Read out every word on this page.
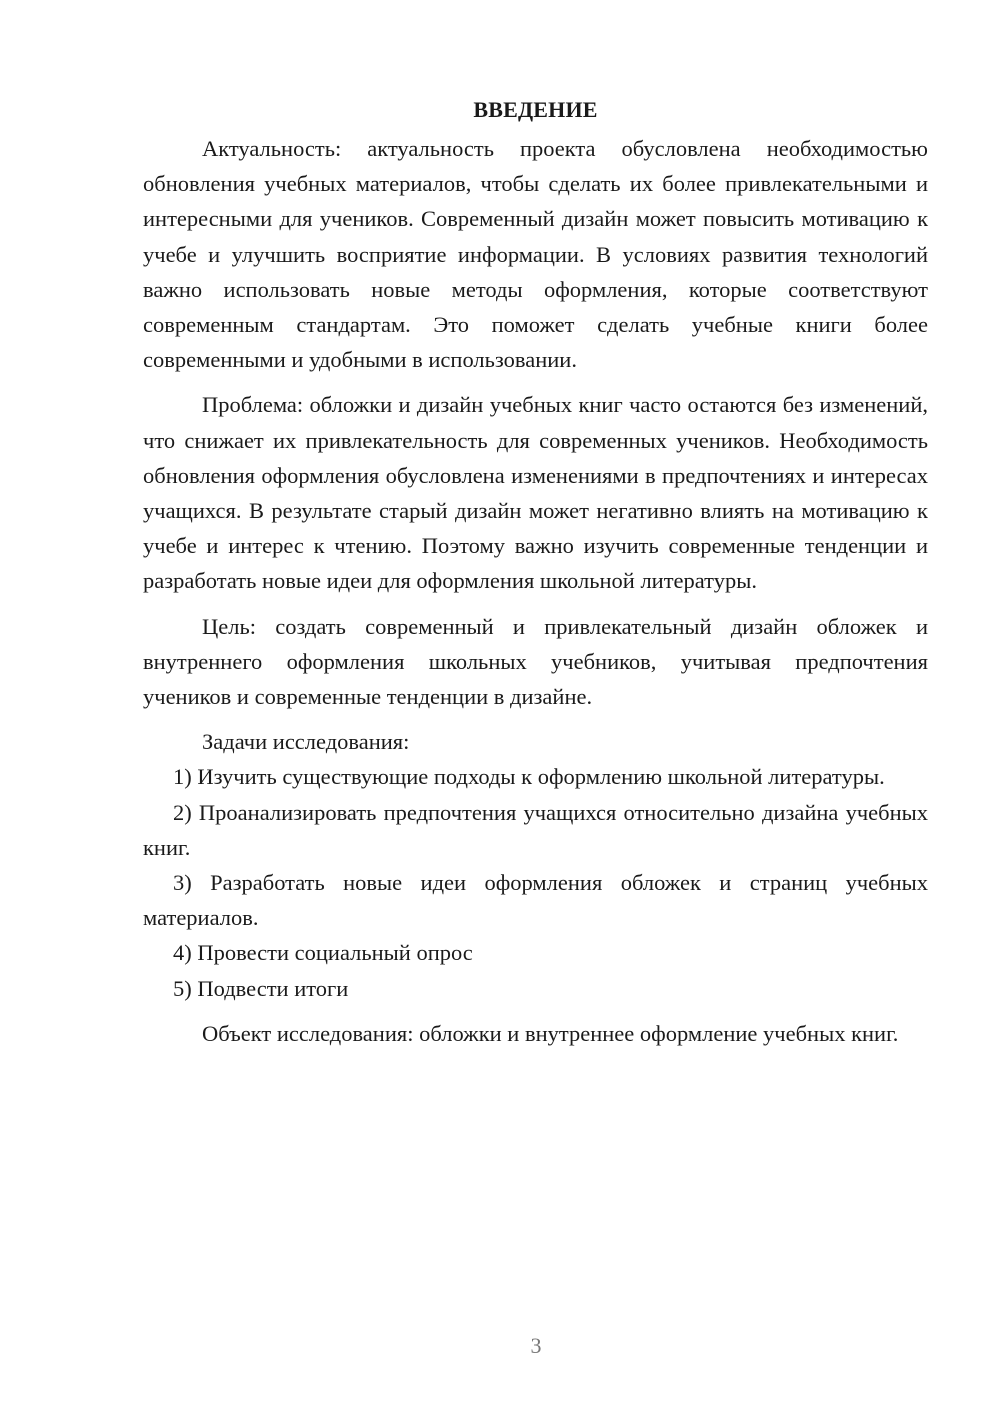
ВВЕДЕНИЕ

Актуальность: актуальность проекта обусловлена необходимостью обновления учебных материалов, чтобы сделать их более привлекательными и интересными для учеников. Современный дизайн может повысить мотивацию к учебе и улучшить восприятие информации. В условиях развития технологий важно использовать новые методы оформления, которые соответствуют современным стандартам. Это поможет сделать учебные книги более современными и удобными в использовании.

Проблема: обложки и дизайн учебных книг часто остаются без изменений, что снижает их привлекательность для современных учеников. Необходимость обновления оформления обусловлена изменениями в предпочтениях и интересах учащихся. В результате старый дизайн может негативно влиять на мотивацию к учебе и интерес к чтению. Поэтому важно изучить современные тенденции и разработать новые идеи для оформления школьной литературы.

Цель: создать современный и привлекательный дизайн обложек и внутреннего оформления школьных учебников, учитывая предпочтения учеников и современные тенденции в дизайне.

Задачи исследования:

1) Изучить существующие подходы к оформлению школьной литературы.

2) Проанализировать предпочтения учащихся относительно дизайна учебных книг.

3) Разработать новые идеи оформления обложек и страниц учебных материалов.

4) Провести социальный опрос

5) Подвести итоги

Объект исследования: обложки и внутреннее оформление учебных книг.

3
